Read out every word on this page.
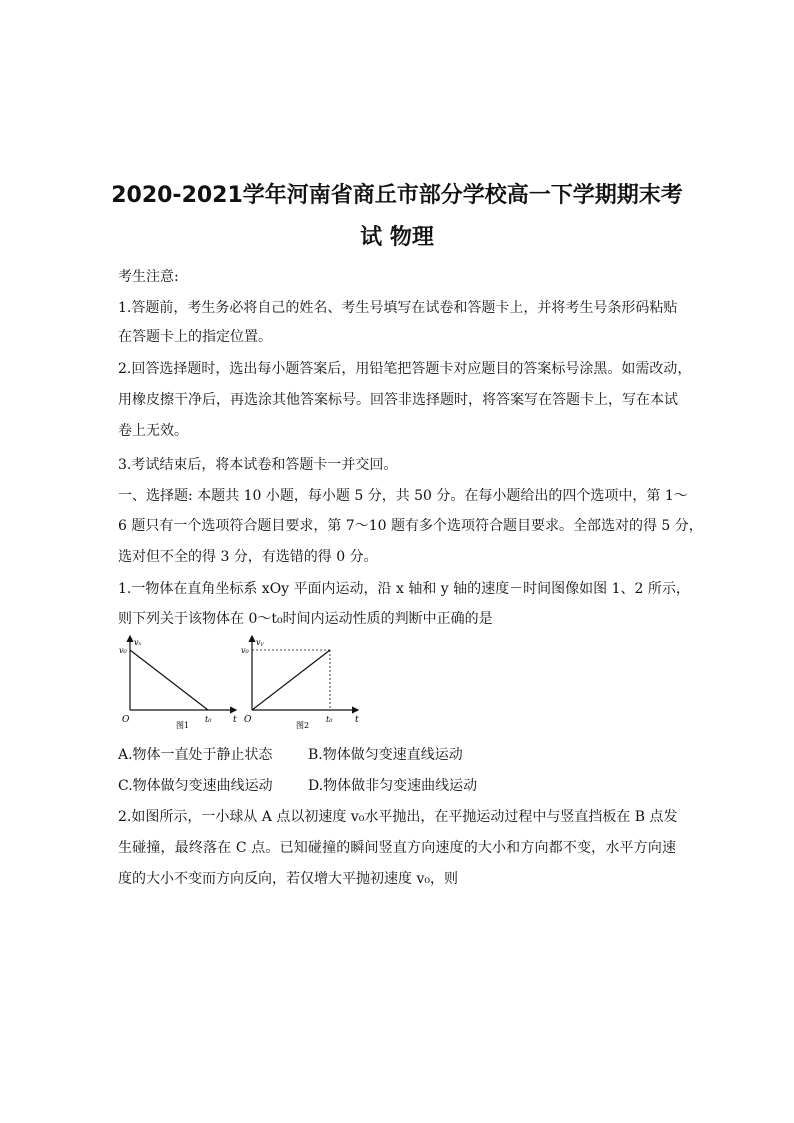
2020-2021学年河南省商丘市部分学校高一下学期期末考
试 物理
考生注意:
1.答题前，考生务必将自己的姓名、考生号填写在试卷和答题卡上，并将考生号条形码粘贴
在答题卡上的指定位置。
2.回答选择题时，选出每小题答案后，用铅笔把答题卡对应题目的答案标号涂黑。如需改动，
用橡皮擦干净后，再选涂其他答案标号。回答非选择题时，将答案写在答题卡上，写在本试
卷上无效。
3.考试结束后，将本试卷和答题卡一并交回。
一、选择题: 本题共 10 小题，每小题 5 分，共 50 分。在每小题给出的四个选项中，第 1～
6 题只有一个选项符合题目要求，第 7～10 题有多个选项符合题目要求。全部选对的得 5 分，
选对但不全的得 3 分，有选错的得 0 分。
1.一物体在直角坐标系 xOy 平面内运动，沿 x 轴和 y 轴的速度－时间图像如图 1、2 所示，
则下列关于该物体在 0～t₀时间内运动性质的判断中正确的是
vₓ
v₀
O	t₀ t
图1
vᵧ
v₀
O	t₀	t
图2
A.物体一直处于静止状态	B.物体做匀变速直线运动
C.物体做匀变速曲线运动	D.物体做非匀变速曲线运动
2.如图所示，一小球从 A 点以初速度 v₀水平抛出，在平抛运动过程中与竖直挡板在 B 点发
生碰撞，最终落在 C 点。已知碰撞的瞬间竖直方向速度的大小和方向都不变，水平方向速
度的大小不变而方向反向，若仅增大平抛初速度 v₀，则
